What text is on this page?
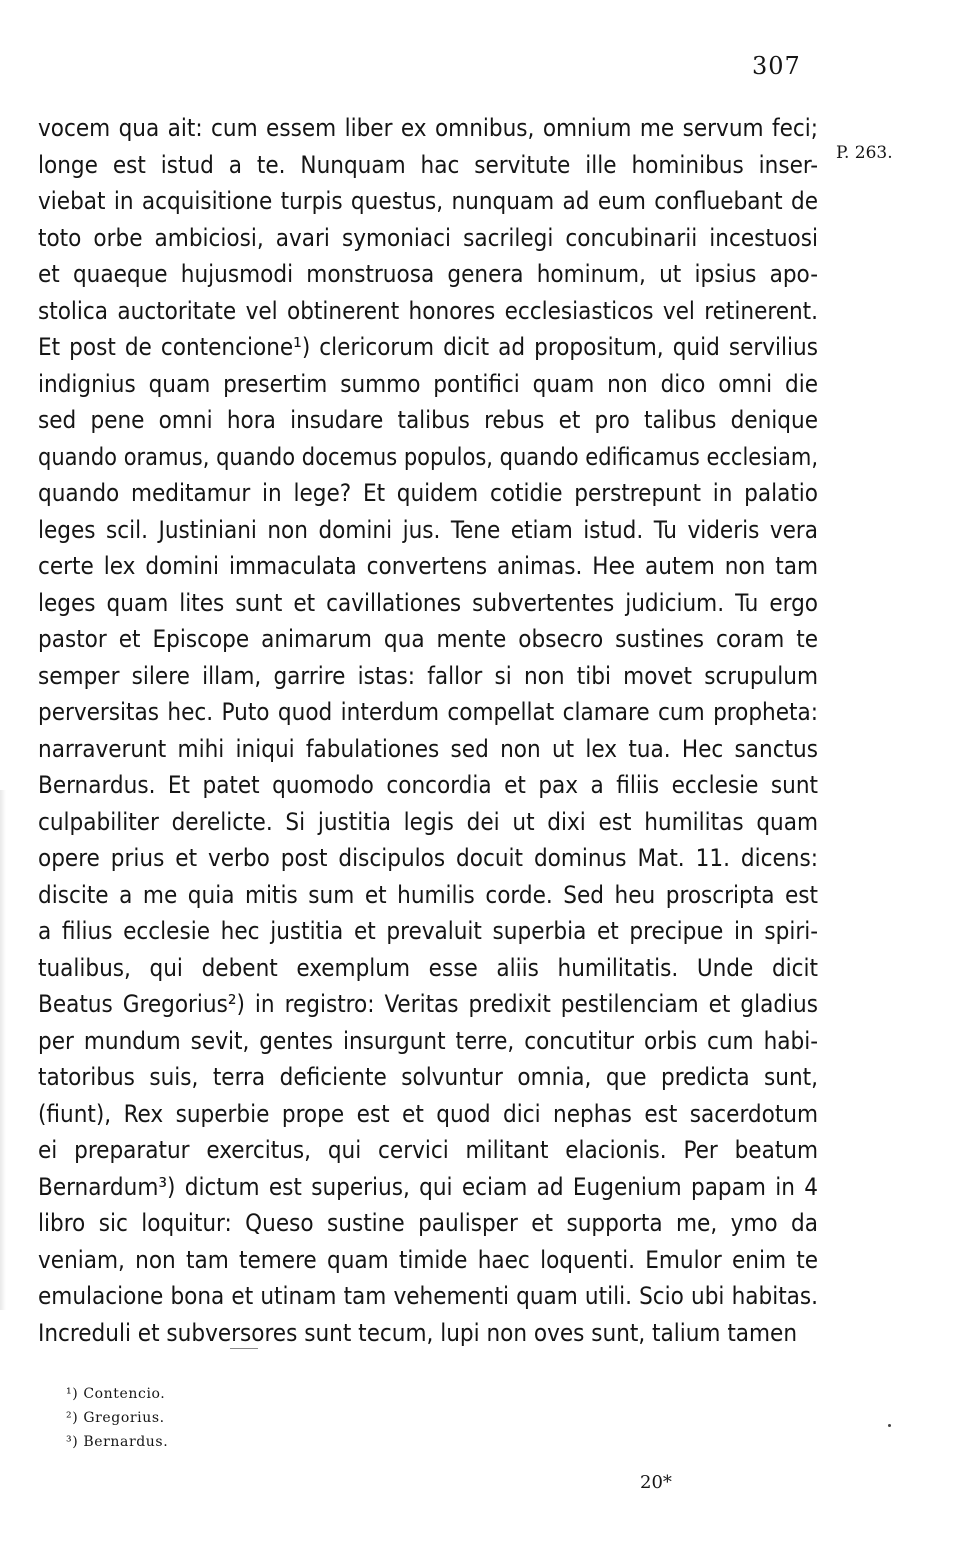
307
P. 263.
vocem qua ait: cum essem liber ex omnibus, omnium me servum feci;
longe est istud a te. Nunquam hac servitute ille hominibus inser-
viebat in acquisitione turpis questus, nunquam ad eum confluebant de
toto orbe ambiciosi, avari symoniaci sacrilegi concubinarii incestuosi
et quaeque hujusmodi monstruosa genera hominum, ut ipsius apo-
stolica auctoritate vel obtinerent honores ecclesiasticos vel retinerent.
Et post de contencione¹) clericorum dicit ad propositum, quid servilius
indignius quam presertim summo pontifici quam non dico omni die
sed pene omni hora insudare talibus rebus et pro talibus denique
quando oramus, quando docemus populos, quando edificamus ecclesiam,
quando meditamur in lege? Et quidem cotidie perstrepunt in palatio
leges scil. Justiniani non domini jus. Tene etiam istud. Tu videris vera
certe lex domini immaculata convertens animas. Hee autem non tam
leges quam lites sunt et cavillationes subvertentes judicium. Tu ergo
pastor et Episcope animarum qua mente obsecro sustines coram te
semper silere illam, garrire istas: fallor si non tibi movet scrupulum
perversitas hec. Puto quod interdum compellat clamare cum propheta:
narraverunt mihi iniqui fabulationes sed non ut lex tua. Hec sanctus
Bernardus. Et patet quomodo concordia et pax a filiis ecclesie sunt
culpabiliter derelicte. Si justitia legis dei ut dixi est humilitas quam
opere prius et verbo post discipulos docuit dominus Mat. 11. dicens:
discite a me quia mitis sum et humilis corde. Sed heu proscripta est
a filius ecclesie hec justitia et prevaluit superbia et precipue in spiri-
tualibus, qui debent exemplum esse aliis humilitatis. Unde dicit
Beatus Gregorius²) in registro: Veritas predixit pestilenciam et gladius
per mundum sevit, gentes insurgunt terre, concutitur orbis cum habi-
tatoribus suis, terra deficiente solvuntur omnia, que predicta sunt,
(fiunt), Rex superbie prope est et quod dici nephas est sacerdotum
ei preparatur exercitus, qui cervici militant elacionis. Per beatum
Bernardum³) dictum est superius, qui eciam ad Eugenium papam in 4
libro sic loquitur: Queso sustine paulisper et supporta me, ymo da
veniam, non tam temere quam timide haec loquenti. Emulor enim te
emulacione bona et utinam tam vehementi quam utili. Scio ubi habitas.
Increduli et subversores sunt tecum, lupi non oves sunt, talium tamen
¹) Contencio.
²) Gregorius.
³) Bernardus.
20*
